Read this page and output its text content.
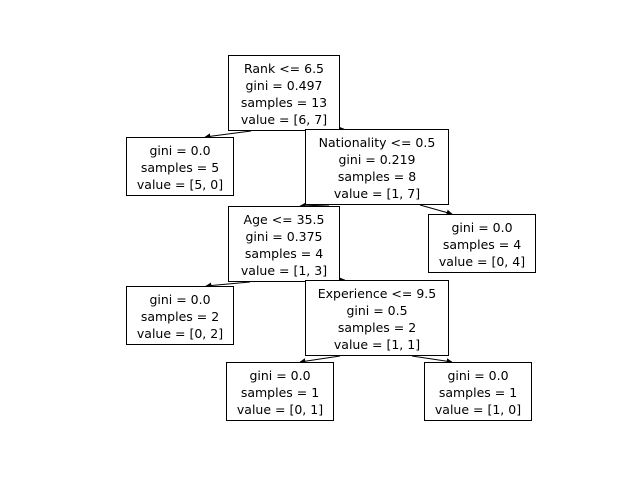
Rank <= 6.5
gini = 0.497
samples = 13
value = [6, 7]
gini = 0.0
samples = 5
value = [5, 0]
Nationality <= 0.5
gini = 0.219
samples = 8
value = [1, 7]
Age <= 35.5
gini = 0.375
samples = 4
value = [1, 3]
gini = 0.0
samples = 4
value = [0, 4]
gini = 0.0
samples = 2
value = [0, 2]
Experience <= 9.5
gini = 0.5
samples = 2
value = [1, 1]
gini = 0.0
samples = 1
value = [0, 1]
gini = 0.0
samples = 1
value = [1, 0]
